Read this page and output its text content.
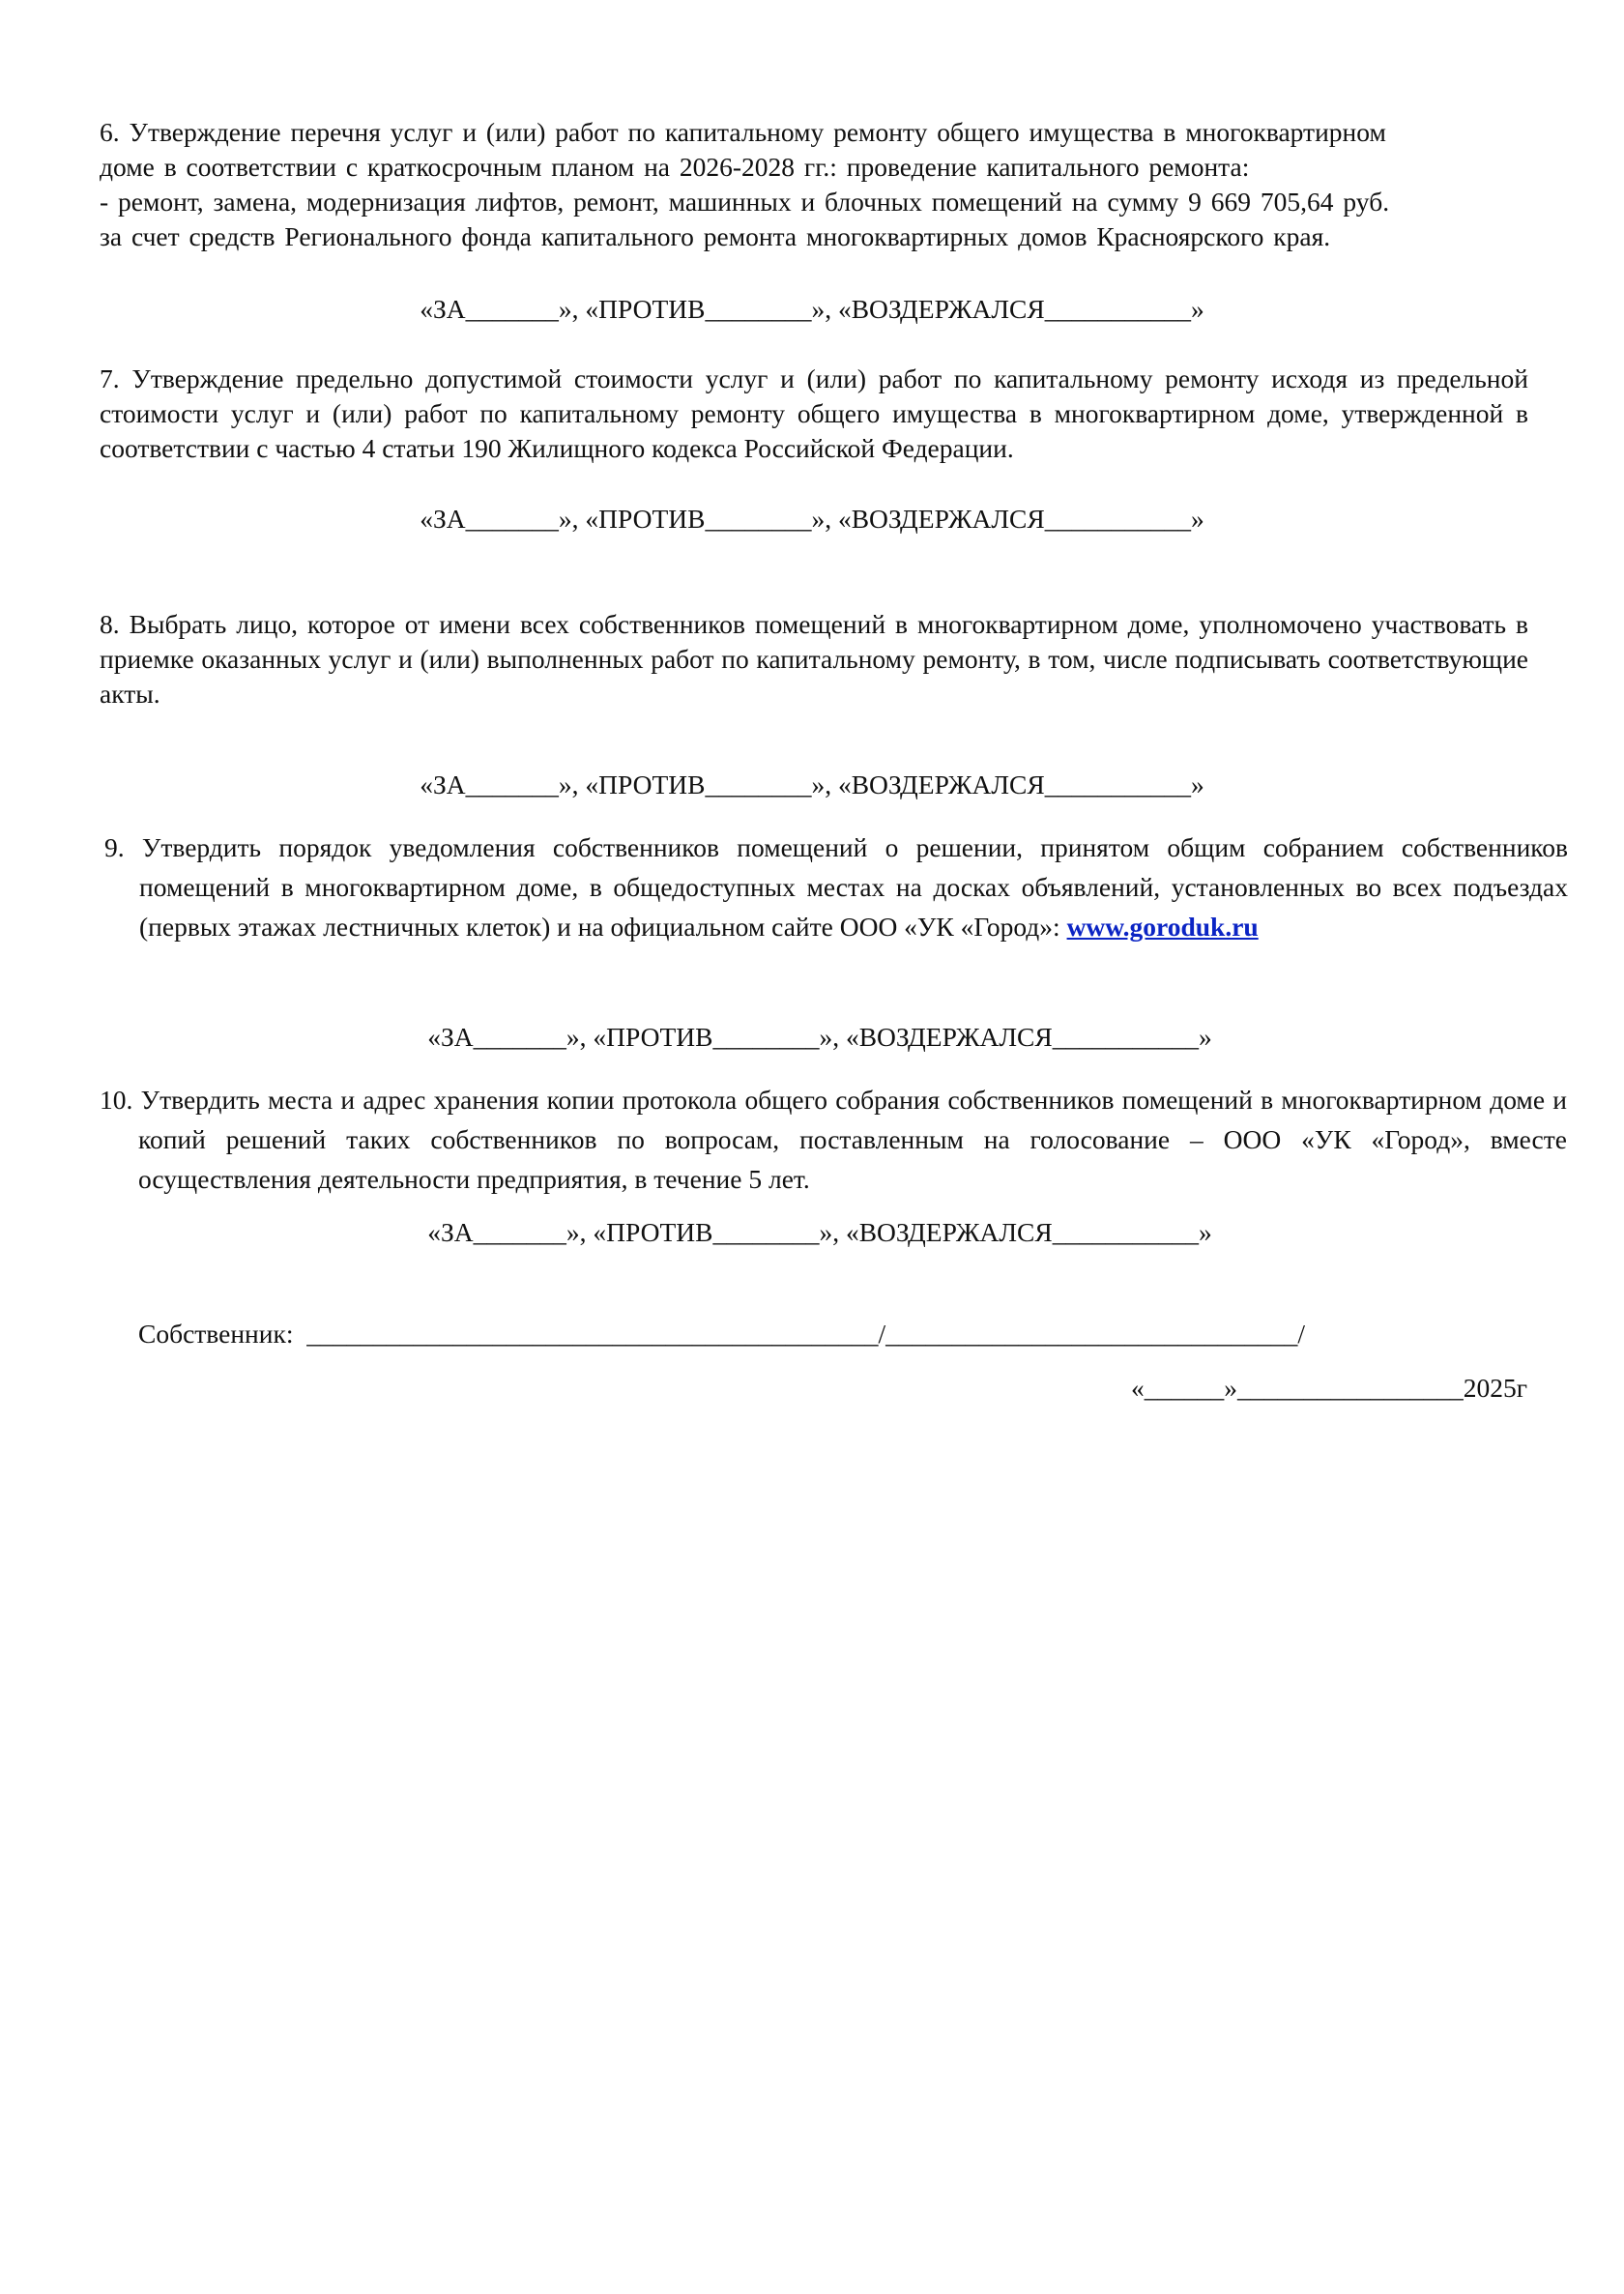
6. Утверждение перечня услуг и (или) работ по капитальному ремонту общего имущества в многоквартирном

доме в соответствии с краткосрочным планом на 2026-2028 гг.: проведение капитального ремонта:

- ремонт, замена, модернизация лифтов, ремонт, машинных и блочных помещений на сумму 9 669 705,64 руб.

за счет средств Регионального фонда капитального ремонта многоквартирных домов Красноярского края.

«ЗА_______», «ПРОТИВ________», «ВОЗДЕРЖАЛСЯ___________»

7. Утверждение предельно допустимой стоимости услуг и (или) работ по капитальному ремонту исходя из предельной стоимости услуг и (или) работ по капитальному ремонту общего имущества в многоквартирном доме, утвержденной в соответствии с частью 4 статьи 190 Жилищного кодекса Российской Федерации.

«ЗА_______», «ПРОТИВ________», «ВОЗДЕРЖАЛСЯ___________»

8. Выбрать лицо, которое от имени всех собственников помещений в многоквартирном доме, уполномочено участвовать в приемке оказанных услуг и (или) выполненных работ по капитальному ремонту, в том, числе подписывать соответствующие акты.

«ЗА_______», «ПРОТИВ________», «ВОЗДЕРЖАЛСЯ___________»

9. Утвердить порядок уведомления собственников помещений о решении, принятом общим собранием собственников помещений в многоквартирном доме, в общедоступных местах на досках объявлений, установленных во всех подъездах (первых этажах лестничных клеток) и на официальном сайте ООО «УК «Город»: www.goroduk.ru

«ЗА_______», «ПРОТИВ________», «ВОЗДЕРЖАЛСЯ___________»

10. Утвердить места и адрес хранения копии протокола общего собрания собственников помещений в многоквартирном доме и копий решений таких собственников по вопросам, поставленным на голосование – ООО «УК «Город», вместе осуществления деятельности предприятия, в течение 5 лет.

«ЗА_______», «ПРОТИВ________», «ВОЗДЕРЖАЛСЯ___________»

Собственник:  ___________________________________________/_______________________________/

«______»_________________2025г
